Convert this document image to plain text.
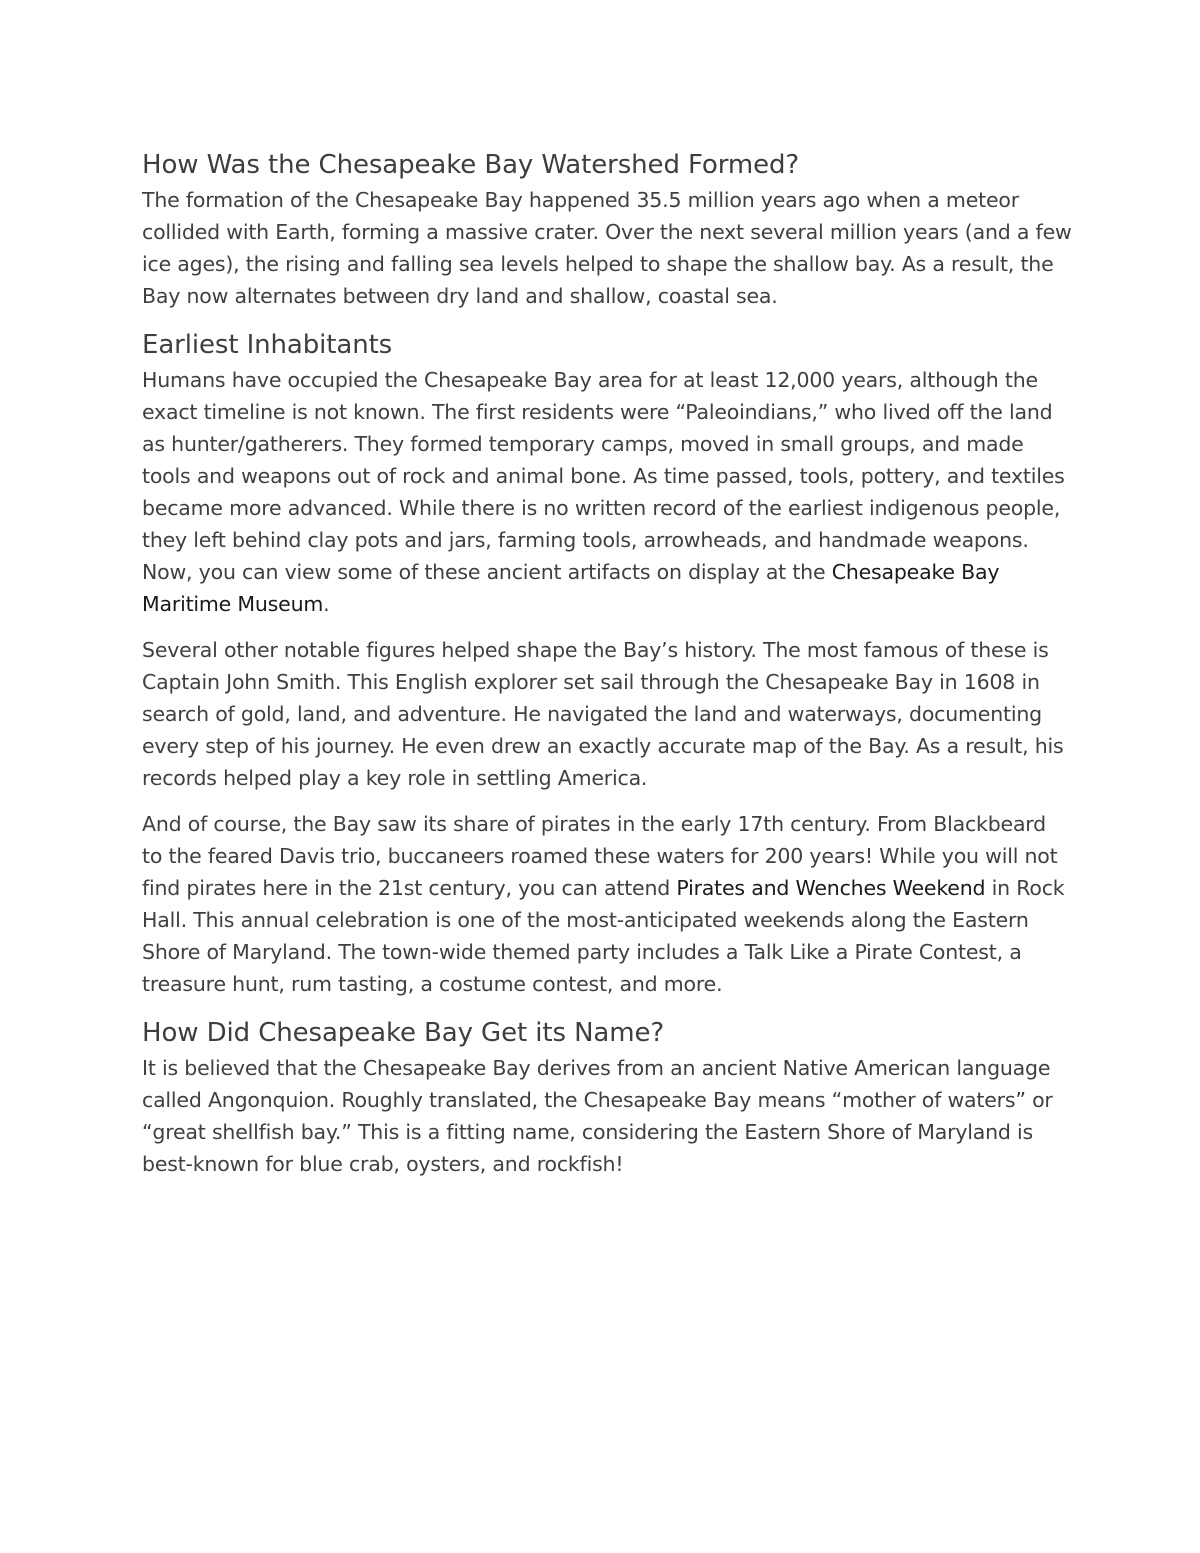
How Was the Chesapeake Bay Watershed Formed?

The formation of the Chesapeake Bay happened 35.5 million years ago when a meteor collided with Earth, forming a massive crater. Over the next several million years (and a few ice ages), the rising and falling sea levels helped to shape the shallow bay. As a result, the Bay now alternates between dry land and shallow, coastal sea.

Earliest Inhabitants

Humans have occupied the Chesapeake Bay area for at least 12,000 years, although the exact timeline is not known. The first residents were “Paleoindians,” who lived off the land as hunter/gatherers. They formed temporary camps, moved in small groups, and made tools and weapons out of rock and animal bone. As time passed, tools, pottery, and textiles became more advanced. While there is no written record of the earliest indigenous people, they left behind clay pots and jars, farming tools, arrowheads, and handmade weapons. Now, you can view some of these ancient artifacts on display at the Chesapeake Bay Maritime Museum.

Several other notable figures helped shape the Bay’s history. The most famous of these is Captain John Smith. This English explorer set sail through the Chesapeake Bay in 1608 in search of gold, land, and adventure. He navigated the land and waterways, documenting every step of his journey. He even drew an exactly accurate map of the Bay. As a result, his records helped play a key role in settling America.

And of course, the Bay saw its share of pirates in the early 17th century. From Blackbeard to the feared Davis trio, buccaneers roamed these waters for 200 years! While you will not find pirates here in the 21st century, you can attend Pirates and Wenches Weekend in Rock Hall. This annual celebration is one of the most-anticipated weekends along the Eastern Shore of Maryland. The town-wide themed party includes a Talk Like a Pirate Contest, a treasure hunt, rum tasting, a costume contest, and more.

How Did Chesapeake Bay Get its Name?

It is believed that the Chesapeake Bay derives from an ancient Native American language called Angonquion. Roughly translated, the Chesapeake Bay means “mother of waters” or “great shellfish bay.” This is a fitting name, considering the Eastern Shore of Maryland is best-known for blue crab, oysters, and rockfish!
